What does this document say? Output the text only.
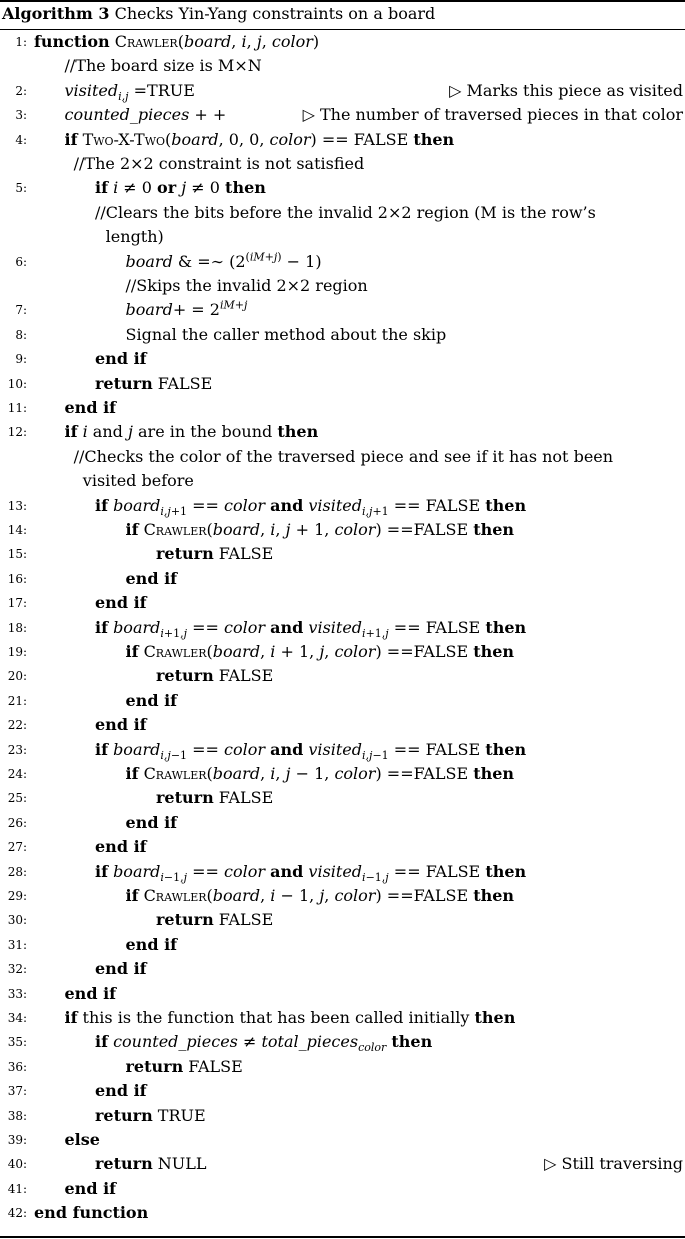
Algorithm 3 Checks Yin-Yang constraints on a board
1: function Crawler(board, i, j, color)
//The board size is M×N
2: visited$_{i,j}$ =TRUE	▷ Marks this piece as visited
3: counted_pieces + +	▷ The number of traversed pieces in that color
4: if Two-X-Two(board, 0, 0, color) == FALSE then
//The 2×2 constraint is not satisfied
5:	if i ≠ 0 or j ≠ 0 then
//Clears the bits before the invalid 2×2 region (M is the row’s
length)
6:	board & =∼ $(2^{(iM+j)} - 1)$
//Skips the invalid 2×2 region
7:	board+ = $2^{iM+j}$
8:	Signal the caller method about the skip
9:	end if
10:	return FALSE
11: end if
12: if i and j are in the bound then
//Checks the color of the traversed piece and see if it has not been
visited before
13:	if board$_{i,j+1}$ == color and visited$_{i,j+1}$ == FALSE then
14:	if Crawler(board, i, j + 1, color) ==FALSE then
15:	return FALSE
16:	end if
17:	end if
18:	if board$_{i+1,j}$ == color and visited$_{i+1,j}$ == FALSE then
19:	if Crawler(board, i + 1, j, color) ==FALSE then
20:	return FALSE
21:	end if
22:	end if
23:	if board$_{i,j-1}$ == color and visited$_{i,j-1}$ == FALSE then
24:	if Crawler(board, i, j − 1, color) ==FALSE then
25:	return FALSE
26:	end if
27:	end if
28:	if board$_{i-1,j}$ == color and visited$_{i-1,j}$ == FALSE then
29:	if Crawler(board, i − 1, j, color) ==FALSE then
30:	return FALSE
31:	end if
32:	end if
33: end if
34: if this is the function that has been called initially then
35:	if counted_pieces ≠ total_pieces$_{color}$ then
36:	return FALSE
37:	end if
38:	return TRUE
39: else
40:	return NULL	▷ Still traversing
41: end if
42: end function
